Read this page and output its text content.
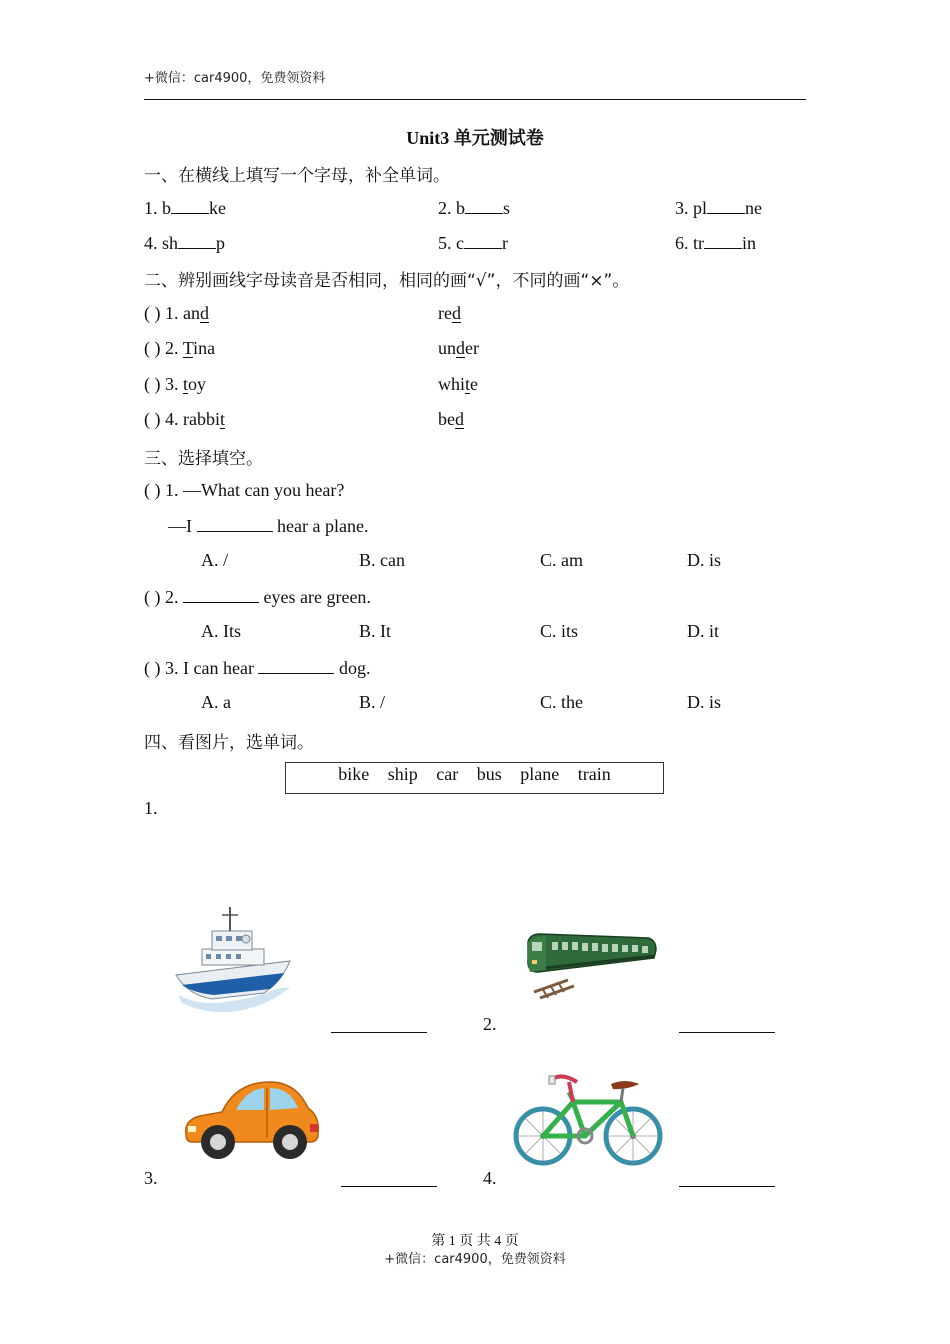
+微信：car4900，免费领资料
Unit3 单元测试卷
一、在横线上填写一个字母，补全单词。
1. b ke	2. b s	3. pl ne
4. sh p	5. c r	6. tr in
二、辨别画线字母读音是否相同，相同的画“√”，不同的画“×”。
( ) 1. and	red
( ) 2. Tina	under
( ) 3. toy	white
( ) 4. rabbit	bed
三、选择填空。
( ) 1. —What can you hear?
—I	hear a plane.
A. /	B. can	C. am	D. is
( ) 2.	eyes are green.
A. Its	B. It	C. its	D. it
( ) 3. I can hear	dog.
A. a	B. /	C. the	D. is
四、看图片，选单词。
bike ship car bus plane train
1.
2.
3.	4.
第 1 页 共 4 页
+微信：car4900，免费领资料
